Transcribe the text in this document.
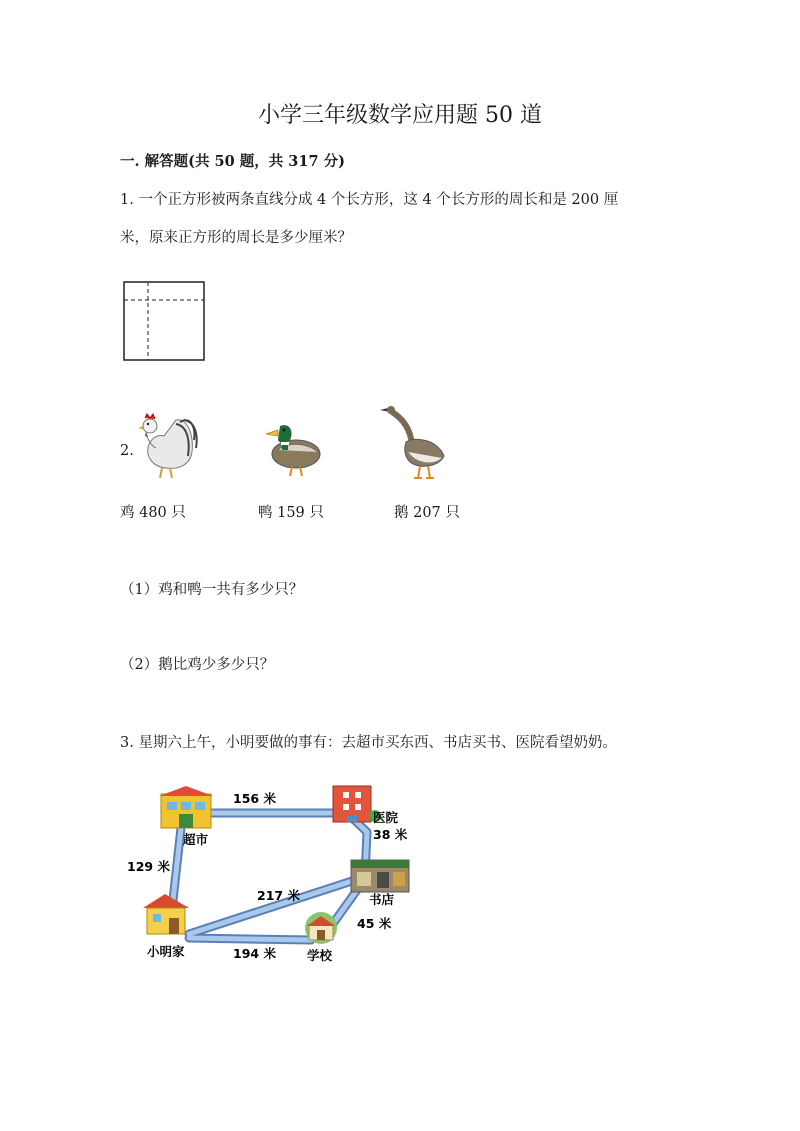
小学三年级数学应用题 50 道
一. 解答题(共 50 题，共 317 分)
1. 一个正方形被两条直线分成 4 个长方形，这 4 个长方形的周长和是 200 厘
米，原来正方形的周长是多少厘米？
2.
鸡 480 只	鸭 159 只	鹅 207 只
（1）鸡和鸭一共有多少只？
（2）鹅比鸡少多少只？
3. 星期六上午，小明要做的事有：去超市买东西、书店买书、医院看望奶奶。
156 米
38 米
129 米
217 米
45 米
194 米
超市
医院
书店
小明家	学校
